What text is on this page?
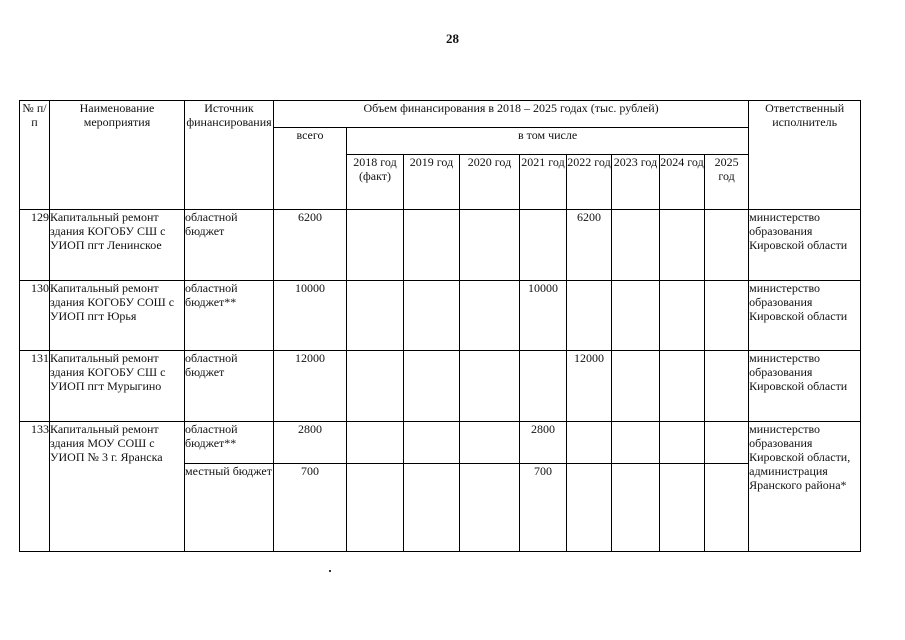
28
№ п/п	Наименование мероприятия	Источник финансирования	Объем финансирования в 2018 – 2025 годах (тыс. рублей)									Ответственный исполнитель
			всего	в том числе								
				2018 год (факт)	2019 год	2020 год	2021 год	2022 год	2023 год	2024 год	2025 год	
129	Капитальный ремонт здания КОГОБУ СШ с УИОП пгт Ленинское	областной бюджет	6200					6200				министерство образования Кировской области
130	Капитальный ремонт здания КОГОБУ СОШ с УИОП пгт Юрья	областной бюджет**	10000				10000					министерство образования Кировской области
131	Капитальный ремонт здания КОГОБУ СШ с УИОП пгт Мурыгино	областной бюджет	12000					12000				министерство образования Кировской области
133	Капитальный ремонт здания МОУ СОШ с УИОП № 3 г. Яранска	областной бюджет**	2800				2800					министерство образования Кировской области, администрация Яранского района*
		местный бюджет	700				700					
